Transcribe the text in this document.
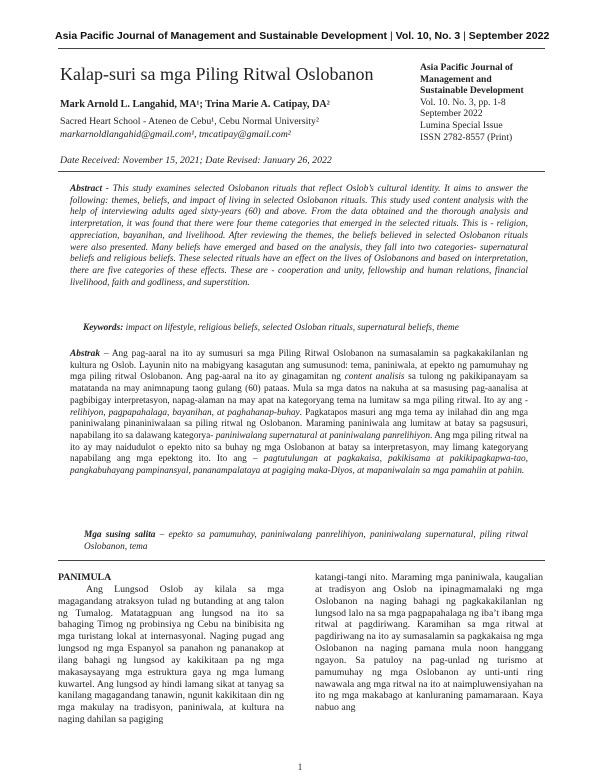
Asia Pacific Journal of Management and Sustainable Development | Vol. 10, No. 3 | September 2022
Kalap-suri sa mga Piling Ritwal Oslobanon
Mark Arnold L. Langahid, MA¹; Trina Marie A. Catipay, DA²
Sacred Heart School - Ateneo de Cebu¹, Cebu Normal University²
markarnoldlangahid@gmail.com¹, tmcatipay@gmail.com²
Date Received: November 15, 2021; Date Revised: January 26, 2022
Asia Pacific Journal of
Management and
Sustainable Development
Vol. 10. No. 3, pp. 1-8
September 2022
Lumina Special Issue
ISSN 2782-8557 (Print)
Abstract - This study examines selected Oslobanon rituals that reflect Oslob’s cultural identity. It aims to answer the following: themes, beliefs, and impact of living in selected Oslobanon rituals. This study used content analysis with the help of interviewing adults aged sixty-years (60) and above. From the data obtained and the thorough analysis and interpretation, it was found that there were four theme categories that emerged in the selected rituals. This is - religion, appreciation, bayanihan, and livelihood. After reviewing the themes, the beliefs believed in selected Oslobanon rituals were also presented. Many beliefs have emerged and based on the analysis, they fall into two categories- supernatural beliefs and religious beliefs. These selected rituals have an effect on the lives of Oslobanons and based on interpretation, there are five categories of these effects. These are - cooperation and unity, fellowship and human relations, financial livelihood, faith and godliness, and superstition.
Keywords: impact on lifestyle, religious beliefs, selected Osloban rituals, supernatural beliefs, theme
Abstrak – Ang pag-aaral na ito ay sumusuri sa mga Piling Ritwal Oslobanon na sumasalamin sa pagkakakilanlan ng kultura ng Oslob. Layunin nito na mabigyang kasagutan ang sumusunod: tema, paniniwala, at epekto ng pamumuhay ng mga piling ritwal Oslobanon. Ang pag-aaral na ito ay ginagamitan ng content analisis sa tulong ng pakikipanayam sa matatanda na may animnapung taong gulang (60) pataas. Mula sa mga datos na nakuha at sa masusing pag-aanalisa at pagbibigay interpretasyon, napag-alaman na may apat na kategoryang tema na lumitaw sa mga piling ritwal. Ito ay ang - relihiyon, pagpapahalaga, bayanihan, at paghahanap-buhay. Pagkatapos masuri ang mga tema ay inilahad din ang mga paniniwalang pinaniniwalaan sa piling ritwal ng Oslobanon. Maraming paniniwala ang lumitaw at batay sa pagsusuri, napabilang ito sa dalawang kategorya- paniniwalang supernatural at paniniwalang panrelihiyon. Ang mga piling ritwal na ito ay may naidudulot o epekto nito sa buhay ng mga Oslobanon at batay sa interpretasyon, may limang kategoryang napabilang ang mga epektong ito. Ito ang – pagtutulungan at pagkakaisa, pakikisama at pakikipagkapwa-tao, pangkabuhayang pampinansyal, pananampalataya at pagiging maka-Diyos, at mapaniwalain sa mga pamahiin at pahiin.
Mga susing salita – epekto sa pamumuhay, paniniwalang panrelihiyon, paniniwalang supernatural, piling ritwal Oslobanon, tema
PANIMULA
Ang Lungsod Oslob ay kilala sa mga magagandang atraksyon tulad ng butanding at ang talon ng Tumalog. Matatagpuan ang lungsod na ito sa bahaging Timog ng probinsiya ng Cebu na binibisita ng mga turistang lokal at internasyonal. Naging pugad ang lungsod ng mga Espanyol sa panahon ng pananakop at ilang bahagi ng lungsod ay kakikitaan pa ng mga makasaysayang mga estruktura gaya ng mga lumang kuwartel. Ang lungsod ay hindi lamang sikat at tanyag sa kanilang magagandang tanawin, ngunit kakikitaan din ng mga makulay na tradisyon, paniniwala, at kultura na naging dahilan sa pagiging
katangi-tangi nito. Maraming mga paniniwala, kaugalian at tradisyon ang Oslob na ipinagmamalaki ng mga Oslobanon na naging bahagi ng pagkakakilanlan ng lungsod lalo na sa mga pagpapahalaga ng iba’t ibang mga ritwal at pagdiriwang. Karamihan sa mga ritwal at pagdiriwang na ito ay sumasalamin sa pagkakaisa ng mga Oslobanon na naging pamana mula noon hanggang ngayon. Sa patuloy na pag-unlad ng turismo at pamumuhay ng mga Oslobanon ay unti-unti ring nawawala ang mga ritwal na ito at naimpluwensiyahan na ito ng mga makabago at kanluraning pamamaraan. Kaya nabuo ang
1
